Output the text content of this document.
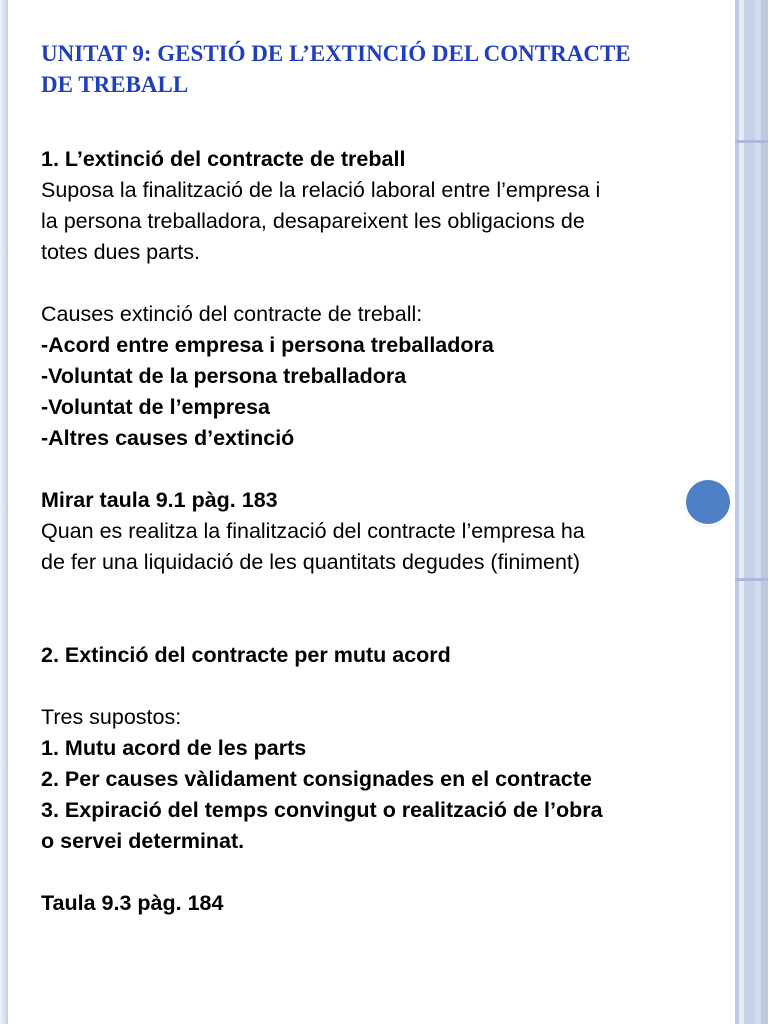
UNITAT 9: GESTIÓ DE L’EXTINCIÓ DEL CONTRACTE

DE TREBALL

1. L’extinció del contracte de treball

Suposa la finalització de la relació laboral entre l’empresa i

la persona treballadora, desapareixent les obligacions de

totes dues parts.

Causes extinció del contracte de treball:

-Acord entre empresa i persona treballadora

-Voluntat de la persona treballadora

-Voluntat de l’empresa

-Altres causes d’extinció

Mirar taula 9.1 pàg. 183

Quan es realitza la finalització del contracte l’empresa ha

de fer una liquidació de les quantitats degudes (finiment)

2. Extinció del contracte per mutu acord

Tres supostos:

1. Mutu acord de les parts

2. Per causes vàlidament consignades en el contracte

3. Expiració del temps convingut o realització de l’obra

o servei determinat.

Taula 9.3 pàg. 184
